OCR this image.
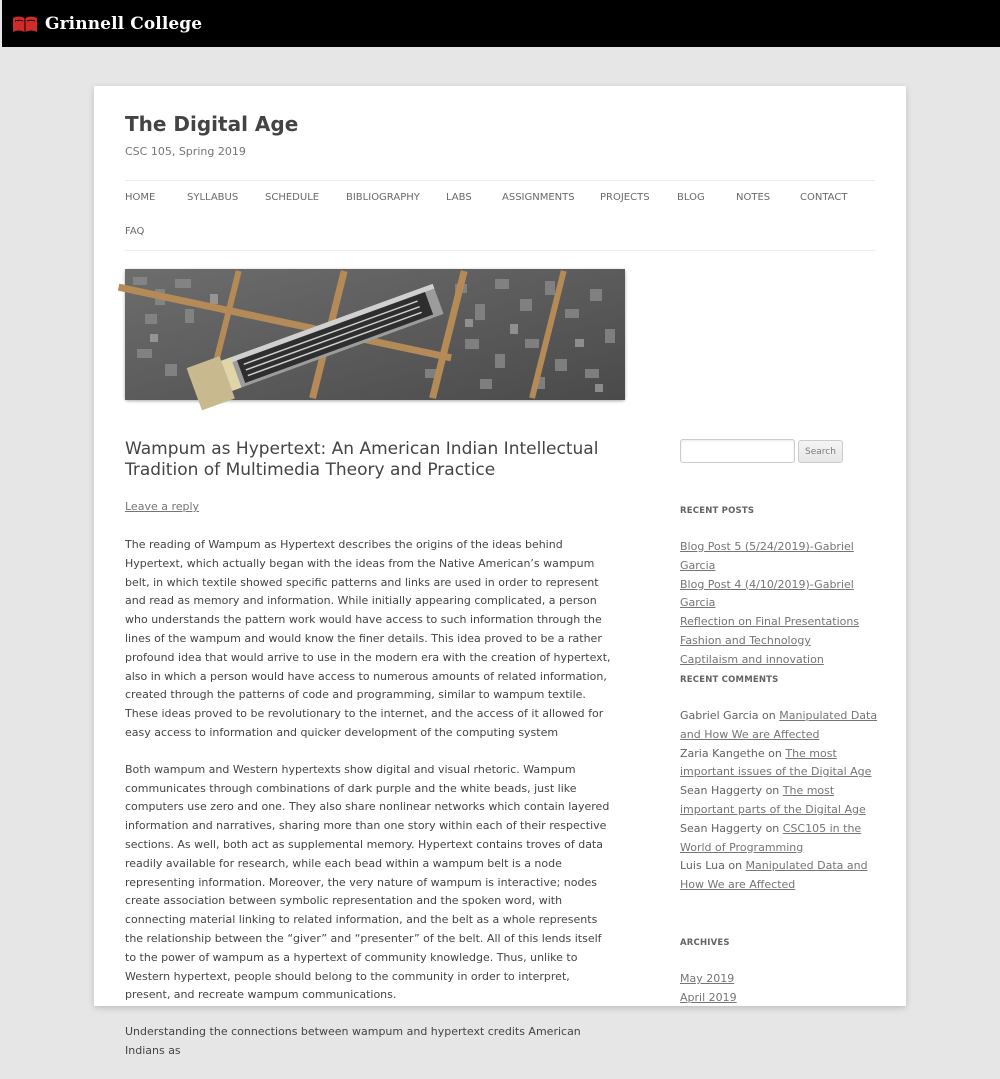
Grinnell College
The Digital Age
CSC 105, Spring 2019
HOME	SYLLABUS	SCHEDULE	BIBLIOGRAPHY	LABS	ASSIGNMENTS	PROJECTS	BLOG	NOTES	CONTACT
FAQ
Wampum as Hypertext: An American Indian Intellectual Tradition of Multimedia Theory and Practice
Leave a reply

The reading of Wampum as Hypertext describes the origins of the ideas behind Hypertext, which actually began with the ideas from the Native American’s wampum belt, in which textile showed specific patterns and links are used in order to represent and read as memory and information. While initially appearing complicated, a person who understands the pattern work would have access to such information through the lines of the wampum and would know the finer details. This idea proved to be a rather profound idea that would arrive to use in the modern era with the creation of hypertext, also in which a person would have access to numerous amounts of related information, created through the patterns of code and programming, similar to wampum textile. These ideas proved to be revolutionary to the internet, and the access of it allowed for easy access to information and quicker development of the computing system

Both wampum and Western hypertexts show digital and visual rhetoric. Wampum communicates through combinations of dark purple and the white beads, just like computers use zero and one. They also share nonlinear networks which contain layered information and narratives, sharing more than one story within each of their respective sections. As well, both act as supplemental memory. Hypertext contains troves of data readily available for research, while each bead within a wampum belt is a node representing information. Moreover, the very nature of wampum is interactive; nodes create association between symbolic representation and the spoken word, with connecting material linking to related information, and the belt as a whole represents the relationship between the “giver” and “presenter” of the belt. All of this lends itself to the power of wampum as a hypertext of community knowledge. Thus, unlike to Western hypertext, people should belong to the community in order to interpret, present, and recreate wampum communications.

Understanding the connections between wampum and hypertext credits American Indians as

Search
RECENT POSTS
Blog Post 5 (5/24/2019)-Gabriel Garcia
Blog Post 4 (4/10/2019)-Gabriel Garcia
Reflection on Final Presentations
Fashion and Technology
Captilaism and innovation
RECENT COMMENTS
Gabriel Garcia on Manipulated Data and How We are Affected
Zaria Kangethe on The most important issues of the Digital Age
Sean Haggerty on The most important parts of the Digital Age
Sean Haggerty on CSC105 in the World of Programming
Luis Lua on Manipulated Data and How We are Affected
ARCHIVES
May 2019
April 2019
